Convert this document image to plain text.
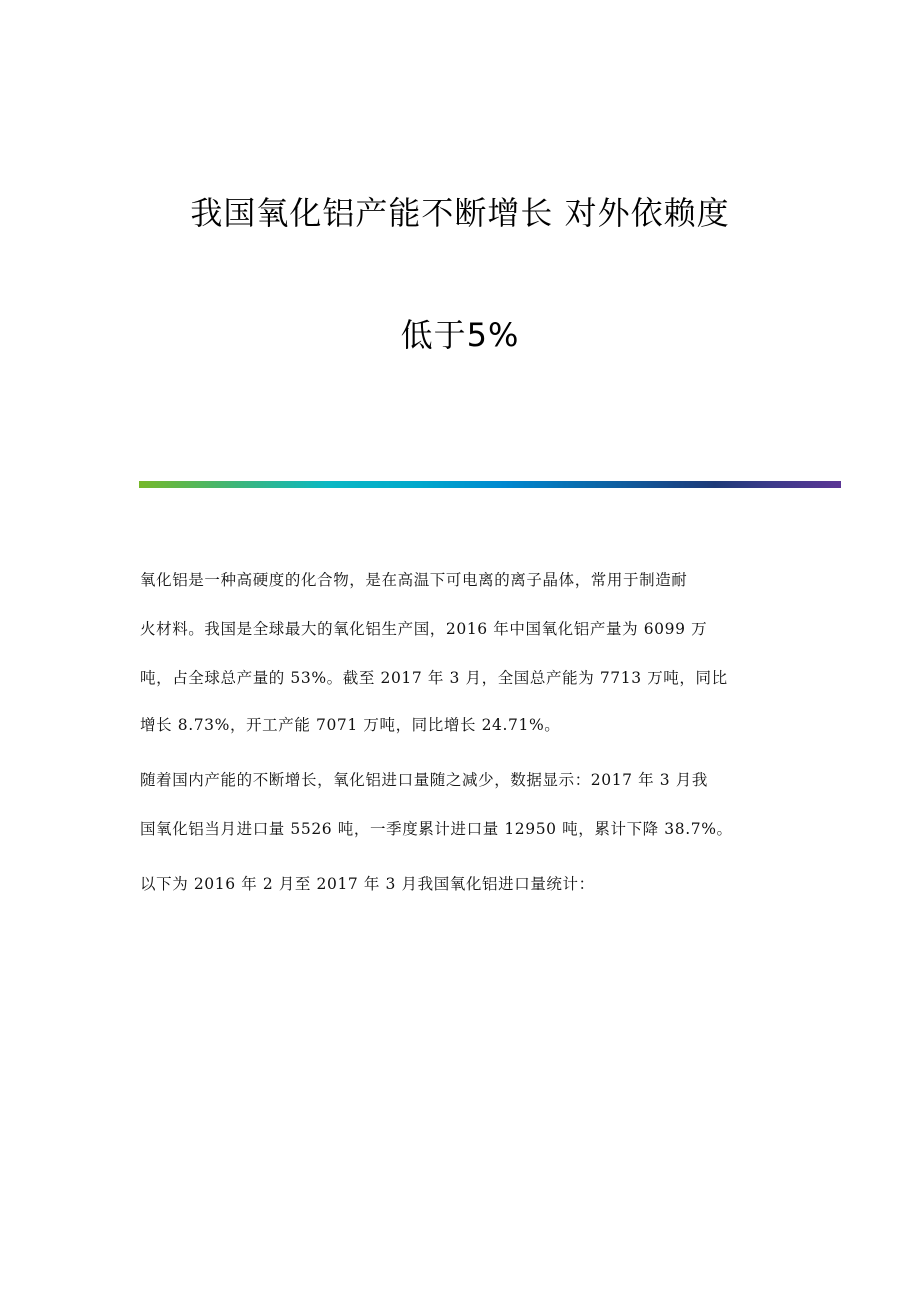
我国氧化铝产能不断增长 对外依赖度
低于5%
氧化铝是一种高硬度的化合物，是在高温下可电离的离子晶体，常用于制造耐
火材料。我国是全球最大的氧化铝生产国，2016 年中国氧化铝产量为 6099 万
吨，占全球总产量的 53%。截至 2017 年 3 月，全国总产能为 7713 万吨，同比
增长 8.73%，开工产能 7071 万吨，同比增长 24.71%。
随着国内产能的不断增长，氧化铝进口量随之减少，数据显示：2017 年 3 月我
国氧化铝当月进口量 5526 吨，一季度累计进口量 12950 吨，累计下降 38.7%。
以下为 2016 年 2 月至 2017 年 3 月我国氧化铝进口量统计：
